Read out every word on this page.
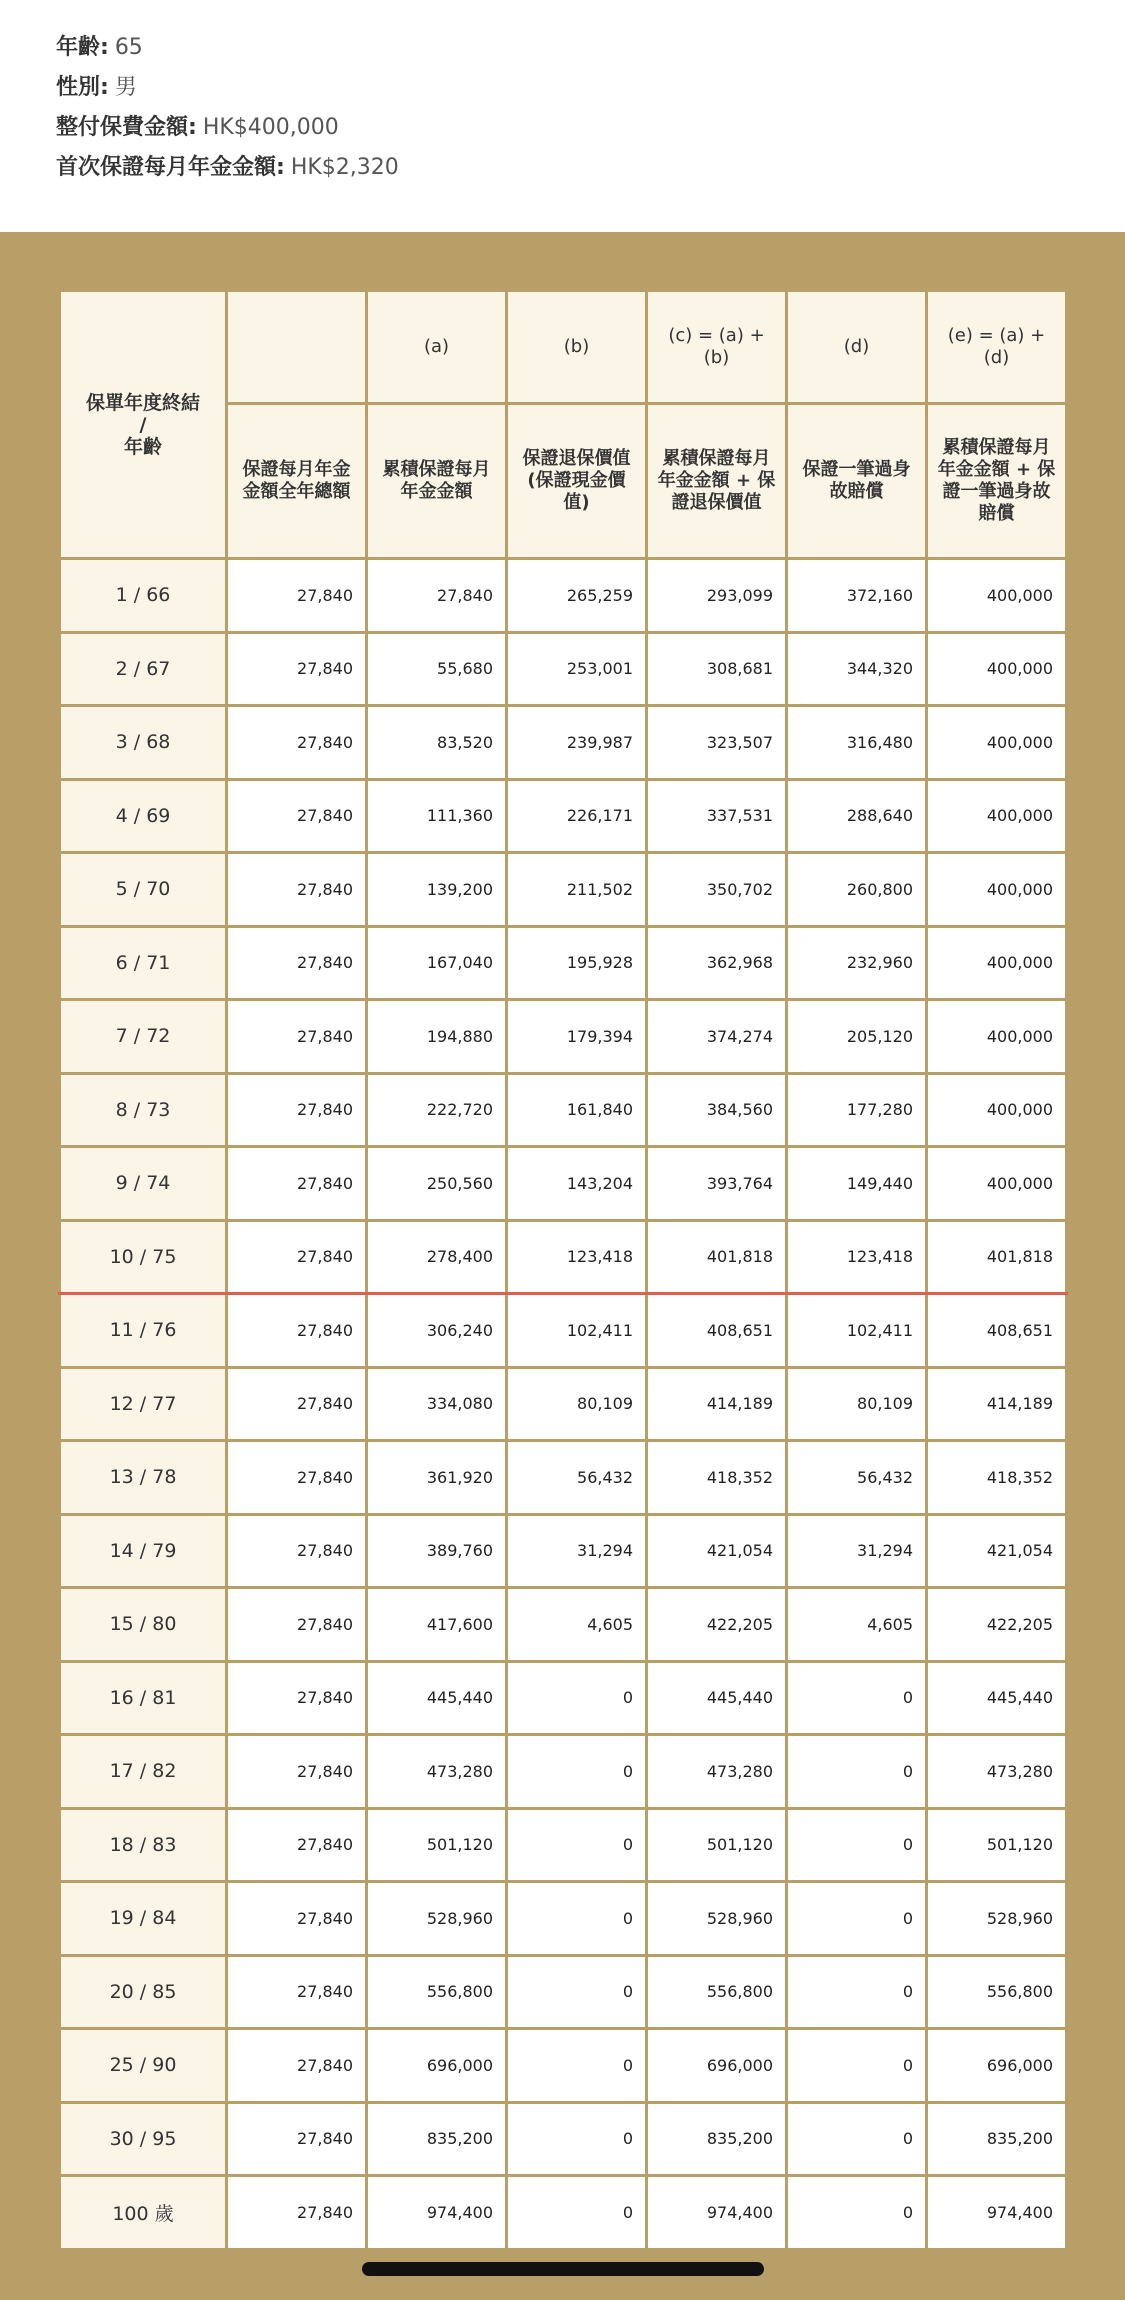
年齡: 65
性別: 男
整付保費金額: HK$400,000
首次保證每月年金金額: HK$2,320
保單年度終結
/
年齡		(a)	(b)	(c) = (a) + (b)	(d)	(e) = (a) + (d)
	保證每月年金金額全年總額	累積保證每月年金金額	保證退保價值 (保證現金價值)	累積保證每月年金金額 + 保證退保價值	保證一筆過身故賠償	累積保證每月年金金額 + 保證一筆過身故賠償
1 / 66	27,840	27,840	265,259	293,099	372,160	400,000
2 / 67	27,840	55,680	253,001	308,681	344,320	400,000
3 / 68	27,840	83,520	239,987	323,507	316,480	400,000
4 / 69	27,840	111,360	226,171	337,531	288,640	400,000
5 / 70	27,840	139,200	211,502	350,702	260,800	400,000
6 / 71	27,840	167,040	195,928	362,968	232,960	400,000
7 / 72	27,840	194,880	179,394	374,274	205,120	400,000
8 / 73	27,840	222,720	161,840	384,560	177,280	400,000
9 / 74	27,840	250,560	143,204	393,764	149,440	400,000
10 / 75	27,840	278,400	123,418	401,818	123,418	401,818
11 / 76	27,840	306,240	102,411	408,651	102,411	408,651
12 / 77	27,840	334,080	80,109	414,189	80,109	414,189
13 / 78	27,840	361,920	56,432	418,352	56,432	418,352
14 / 79	27,840	389,760	31,294	421,054	31,294	421,054
15 / 80	27,840	417,600	4,605	422,205	4,605	422,205
16 / 81	27,840	445,440	0	445,440	0	445,440
17 / 82	27,840	473,280	0	473,280	0	473,280
18 / 83	27,840	501,120	0	501,120	0	501,120
19 / 84	27,840	528,960	0	528,960	0	528,960
20 / 85	27,840	556,800	0	556,800	0	556,800
25 / 90	27,840	696,000	0	696,000	0	696,000
30 / 95	27,840	835,200	0	835,200	0	835,200
100 歲	27,840	974,400	0	974,400	0	974,400
